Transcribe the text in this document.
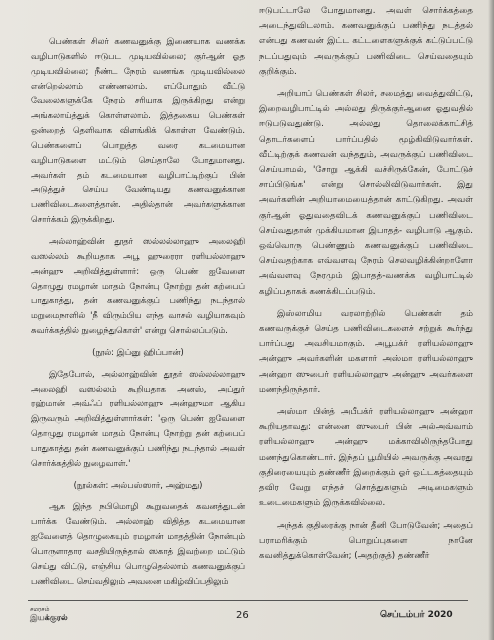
பெண்கள் சிலர் கணவனுக்கு இணையாக வணக்க வழிபாடுகளில் ஈடுபட முடியவில்லை; குர்ஆன் ஓத முடியவில்லை; நீண்ட நேரம் வணங்க முடியவில்லை என்றெல்லாம் எண்ணலாம். எப்போதும் வீட்டு வேலைகளுக்கே நேரம் சரியாக இருக்கிறது என்று அங்கலாய்த்துக் கொள்ளலாம். இத்தகைய பெண்கள் ஒன்றைத் தெளிவாக விளங்கிக் கொள்ள வேண்டும். பெண்களைப் பொறுத்த வரை கடமையான வழிபாடுகளை மட்டும் செய்தாலே போதுமானது. அவர்கள் தம் கடமையான வழிபாட்டிற்குப் பின் அடுத்துச் செய்ய வேண்டியது கணவனுக்கான பணிவிடைகளைத்தான். அதில்தான் அவர்களுக்கான சொர்க்கம் இருக்கிறது.

அல்லாஹ்வின் தூதர் ஸல்லல்லாஹு அலைஹி வஸல்லம் கூறியதாக அபூ ஹுரைரா ரளியல்லாஹு அன்ஹு அறிவித்துள்ளார்: ஒரு பெண் ஐவேளை தொழுது ரமழான் மாதம் நோன்பு நோற்று தன் கற்பைப் பாதுகாத்து, தன் கணவனுக்குப் பணிந்து நடந்தால் மறுமைநாளில் 'நீ விரும்பிய எந்த வாசல் வழியாகவும் சுவர்க்கத்தில் நுழைந்துகொள்' என்று சொல்லப்படும்.

(நூல்: இப்னு ஹிப்பான்)

இதேபோல், அல்லாஹ்வின் தூதர் ஸல்லல்லாஹு அலைஹி வஸல்லம் கூறியதாக அனஸ், அப்துர் ரஹ்மான் அவ்ஃப் ரளியல்லாஹு அன்ஹுமா ஆகிய இருவரும் அறிவித்துள்ளார்கள்: 'ஒரு பெண் ஐவேளை தொழுது ரமழான் மாதம் நோன்பு நோற்று தன் கற்பைப் பாதுகாத்து தன் கணவனுக்குப் பணிந்து நடந்தால் அவள் சொர்க்கத்தில் நுழைவாள்.'

(நூல்கள்: அல்பஸ்ஸார், அஹ்மது)

ஆக இந்த நபிமொழி கூறுவதைக் கவனத்துடன் பார்க்க வேண்டும். அல்லாஹ் விதித்த கடமையான ஐவேளைத் தொழுகையும் ரமழான் மாதத்தின் நோன்பும் பொருளாதார வசதியிருந்தால் ஸகாத் இவற்றை மட்டும் செய்து விட்டு, எஞ்சிய பொழுதெல்லாம் கணவனுக்குப் பணிவிடை செய்வதிலும் அவனை மகிழ்விப்பதிலும்

ஈடுபட்டாலே போதுமானது. அவள் சொர்க்கத்தை அடைந்துவிடலாம். கணவனுக்குப் பணிந்து நடத்தல் என்பது கணவன் இட்ட கட்டளைகளுக்குக் கட்டுப்பட்டு நடப்பதுவும் அவருக்குப் பணிவிடை செய்வதையும் குறிக்கும்.

அறியாப் பெண்கள் சிலர், சமைத்து வைத்துவிட்டு, இறைவழிபாட்டில் அல்லது திருக்குர்ஆனை ஓதுவதில் ஈடுபடுவதுண்டு. அல்லது தொலைக்காட்சித் தொடர்களைப் பார்ப்பதில் மூழ்கிவிடுவார்கள். வீட்டிற்குக் கணவன் வந்ததும், அவருக்குப் பணிவிடை செய்யாமல், 'சோறு ஆக்கி வச்சிருக்கேன், போட்டுச் சாப்பிடுங்க' என்று சொல்லிவிடுவார்கள். இது அவர்களின் அறியாமையைத்தான் காட்டுகிறது. அவள் குர்ஆன் ஓதுவதைவிடக் கணவனுக்குப் பணிவிடை செய்வதுதான் முக்கியமான இபாதத்- வழிபாடு ஆகும். ஒவ்வொரு பெண்ணும் கணவனுக்குப் பணிவிடை செய்வதற்காக எவ்வளவு நேரம் செலவழிக்கின்றாளோ அவ்வளவு நேரமும் இபாதத்-வணக்க வழிபாட்டில் கழிப்பதாகக் கணக்கிடப்படும்.

இஸ்லாமிய வரலாற்றில் பெண்கள் தம் கணவருக்குச் செய்த பணிவிடைகளைச் சற்றுக் கூர்ந்து பார்ப்பது அவசியமாகும். அபூபக்ர் ரளியல்லாஹு அன்ஹு அவர்களின் மகளார் அஸ்மா ரளியல்லாஹு அன்ஹா ஸுபைர் ரளியல்லாஹு அன்ஹு அவர்களை மணந்திருந்தார்.

அஸ்மா பின்த் அபீபக்ர் ரளியல்லாஹு அன்ஹா கூறியதாவது: என்னை ஸுபைர் பின் அல்அவ்வாம் ரளியல்லாஹு அன்ஹு மக்காவிலிருந்தபோது மணந்துகொண்டார். இந்தப் பூமியில் அவருக்கு அவரது குதிரையையும் தண்ணீர் இறைக்கும் ஓர் ஒட்டகத்தையும் தவிர வேறு எந்தச் சொத்துகளும் அடிமைகளும் உடைமைகளும் இருக்கவில்லை.

அந்தக் குதிரைக்கு நான் தீனி போடுவேன்; அதைப் பராமரிக்கும் பொறுப்புகளை நானே கவனித்துக்கொள்வேன்; (அதற்குத்) தண்ணீர்

சமரசம்
இயக்குரல்	26	செப்டம்பர் 2020
